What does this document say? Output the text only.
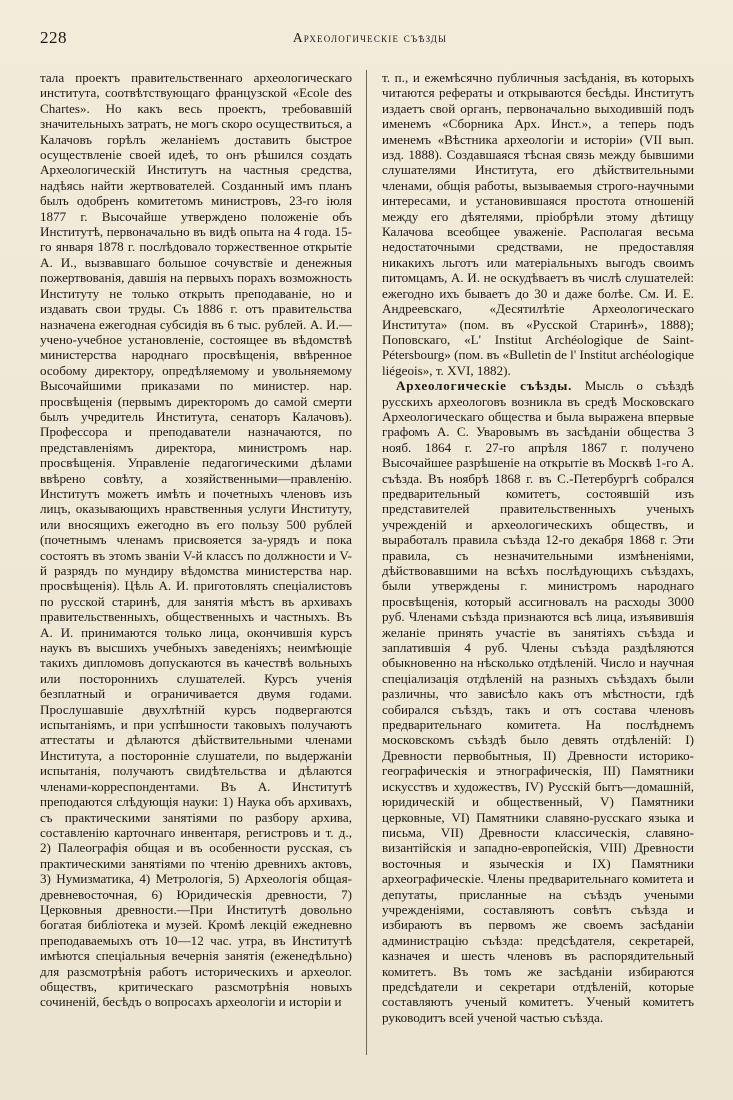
228	Археологическіе съѣзды

тала проектъ правительственнаго археологическаго института, соотвѣтствующаго французской «Ecole des Chartes». Но какъ весь проектъ, требовавшій значительныхъ затратъ, не могъ скоро осуществиться, а Калачовъ горѣлъ желаніемъ доставить быстрое осуществленіе своей идеѣ, то онъ рѣшился создать Археологическій Институтъ на частныя средства, надѣясь найти жертвователей. Созданный имъ планъ былъ одобренъ комитетомъ министровъ, 23-го іюля 1877 г. Высочайше утверждено положеніе объ Институтѣ, первоначально въ видѣ опыта на 4 года. 15-го января 1878 г. послѣдовало торжественное открытіе А. И., вызвавшаго большое сочувствіе и денежныя пожертвованія, давшія на первыхъ порахъ возможность Институту не только открыть преподаваніе, но и издавать свои труды. Съ 1886 г. отъ правительства назначена ежегодная субсидія въ 6 тыс. рублей. А. И.—учено-учебное установленіе, состоящее въ вѣдомствѣ министерства народнаго просвѣщенія, ввѣренное особому директору, опредѣляемому и увольняемому Высочайшими приказами по министер. нар. просвѣщенія (первымъ директоромъ до самой смерти былъ учредитель Института, сенаторъ Калачовъ). Профессора и преподаватели назначаются, по представленіямъ директора, министромъ нар. просвѣщенія. Управленіе педагогическими дѣлами ввѣрено совѣту, а хозяйственными—правленію. Институтъ можетъ имѣть и почетныхъ членовъ изъ лицъ, оказывающихъ нравственныя услуги Институту, или вносящихъ ежегодно въ его пользу 500 рублей (почетнымъ членамъ присвояется за-урядъ и пока состоятъ въ этомъ званіи V-й классъ по должности и V-й разрядъ по мундиру вѣдомства министерства нар. просвѣщенія). Цѣль А. И. приготовлять спеціалистовъ по русской старинѣ, для занятія мѣстъ въ архивахъ правительственныхъ, общественныхъ и частныхъ. Въ А. И. принимаются только лица, окончившія курсъ наукъ въ высшихъ учебныхъ заведеніяхъ; неимѣющіе такихъ дипломовъ допускаются въ качествѣ вольныхъ или постороннихъ слушателей. Курсъ ученія безплатный и ограничивается двумя годами. Прослушавшіе двухлѣтній курсъ подвергаются испытаніямъ, и при успѣшности таковыхъ получаютъ аттестаты и дѣлаются дѣйствительными членами Института, а посторонніе слушатели, по выдержаніи испытанія, получаютъ свидѣтельства и дѣлаются членами-корреспондентами. Въ А. Институтѣ преподаются слѣдующія науки: 1) Наука объ архивахъ, съ практическими занятіями по разбору архива, составленію карточнаго инвентаря, регистровъ и т. д., 2) Палеографія общая и въ особенности русская, съ практическими занятіями по чтенію древнихъ актовъ, 3) Нумизматика, 4) Метрологія, 5) Археологія общая-древневосточная, 6) Юридическія древности, 7) Церковныя древности.—При Институтѣ довольно богатая библіотека и музей. Кромѣ лекцій ежедневно преподаваемыхъ отъ 10—12 час. утра, въ Институтѣ имѣются спеціальныя вечернія занятія (еженедѣльно) для разсмотрѣнія работъ историческихъ и археолог. обществъ, критическаго разсмотрѣнія новыхъ сочиненій, бесѣдъ о вопросахъ археологіи и исторіи и

т. п., и ежемѣсячно публичныя засѣданія, въ которыхъ читаются рефераты и открываются бесѣды. Институтъ издаетъ свой органъ, первоначально выходившій подъ именемъ «Сборника Арх. Инст.», а теперь подъ именемъ «Вѣстника археологіи и исторіи» (VII вып. изд. 1888). Создавшаяся тѣсная связь между бывшими слушателями Института, его дѣйствительными членами, общія работы, вызываемыя строго-научными интересами, и установившаяся простота отношеній между его дѣятелями, пріобрѣли этому дѣтищу Калачова всеобщее уваженіе. Располагая весьма недостаточными средствами, не предоставляя никакихъ льготъ или матеріальныхъ выгодъ своимъ питомцамъ, А. И. не оскудѣваетъ въ числѣ слушателей: ежегодно ихъ бываетъ до 30 и даже болѣе. См. И. Е. Андреевскаго, «Десятилѣтіе Археологическаго Института» (пом. въ «Русской Старинѣ», 1888); Поповскаго, «L' Institut Archéologique de Saint-Pétersbourg» (пом. въ «Bulletin de l' Institut archéologique liégeois», т. XVI, 1882).

Археологическіе съѣзды. Мысль о съѣздѣ русскихъ археологовъ возникла въ средѣ Московскаго Археологическаго общества и была выражена впервые графомъ А. С. Уваровымъ въ засѣданіи общества 3 нояб. 1864 г. 27-го апрѣля 1867 г. получено Высочайшее разрѣшеніе на открытіе въ Москвѣ 1-го А. съѣзда. Въ ноябрѣ 1868 г. въ С.-Петербургѣ собрался предварительный комитетъ, состоявшій изъ представителей правительственныхъ ученыхъ учрежденій и археологическихъ обществъ, и выработалъ правила съѣзда 12-го декабря 1868 г. Эти правила, съ незначительными измѣненіями, дѣйствовавшими на всѣхъ послѣдующихъ съѣздахъ, были утверждены г. министромъ народнаго просвѣщенія, который ассигновалъ на расходы 3000 руб. Членами съѣзда признаются всѣ лица, изъявившія желаніе принять участіе въ занятіяхъ съѣзда и заплатившія 4 руб. Члены съѣзда раздѣляются обыкновенно на нѣсколько отдѣленій. Число и научная спеціализація отдѣленій на разныхъ съѣздахъ были различны, что зависѣло какъ отъ мѣстности, гдѣ собирался съѣздъ, такъ и отъ состава членовъ предварительнаго комитета. На послѣднемъ московскомъ съѣздѣ было девять отдѣленій: I) Древности первобытныя, II) Древности историко-географическія и этнографическія, III) Памятники искусствъ и художествъ, IV) Русскій бытъ—домашній, юридическій и общественный, V) Памятники церковные, VI) Памятники славяно-русскаго языка и письма, VII) Древности классическія, славяно-византійскія и западно-европейскія, VIII) Древности восточныя и языческія и IX) Памятники археографическіе. Члены предварительнаго комитета и депутаты, присланные на съѣздъ учеными учрежденіями, составляютъ совѣтъ съѣзда и избираютъ въ первомъ же своемъ засѣданіи администрацію съѣзда: предсѣдателя, секретарей, казначея и шесть членовъ въ распорядительный комитетъ. Въ томъ же засѣданіи избираются предсѣдатели и секретари отдѣленій, которые составляютъ ученый комитетъ. Ученый комитетъ руководитъ всей ученой частью съѣзда.
